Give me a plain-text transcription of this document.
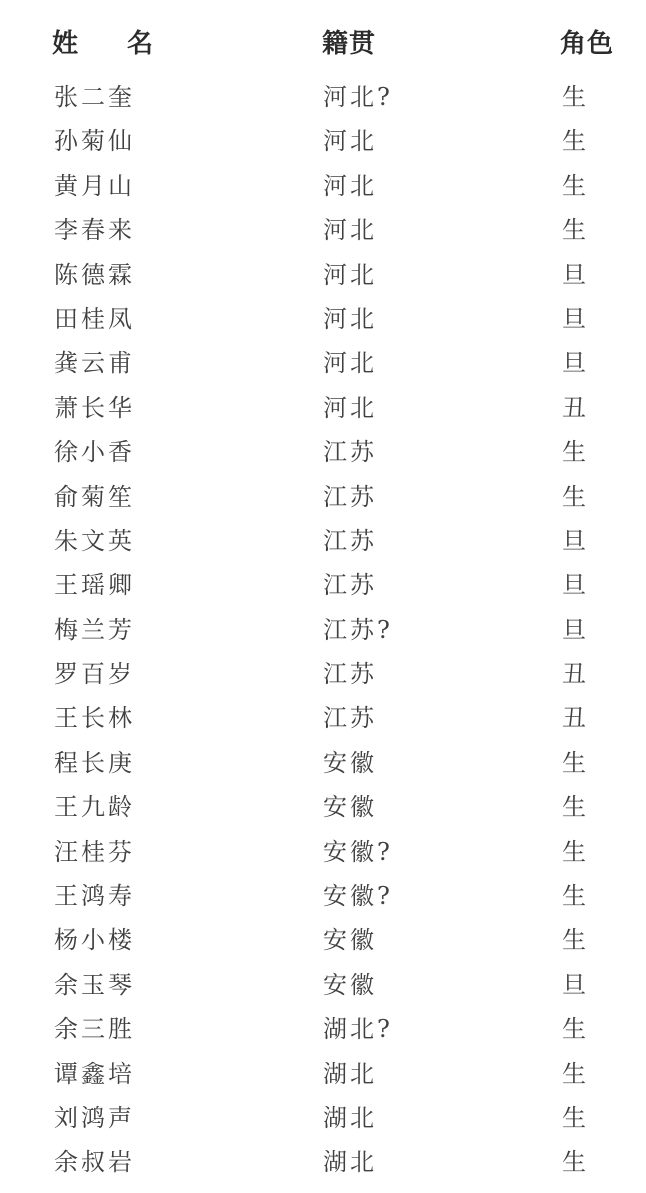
姓 名	籍贯	角色
张二奎	河北?	生
孙菊仙	河北	生
黄月山	河北	生
李春来	河北	生
陈德霖	河北	旦
田桂凤	河北	旦
龚云甫	河北	旦
萧长华	河北	丑
徐小香	江苏	生
俞菊笙	江苏	生
朱文英	江苏	旦
王瑶卿	江苏	旦
梅兰芳	江苏?	旦
罗百岁	江苏	丑
王长林	江苏	丑
程长庚	安徽	生
王九龄	安徽	生
汪桂芬	安徽?	生
王鸿寿	安徽?	生
杨小楼	安徽	生
余玉琴	安徽	旦
余三胜	湖北?	生
谭鑫培	湖北	生
刘鸿声	湖北	生
余叔岩	湖北	生
